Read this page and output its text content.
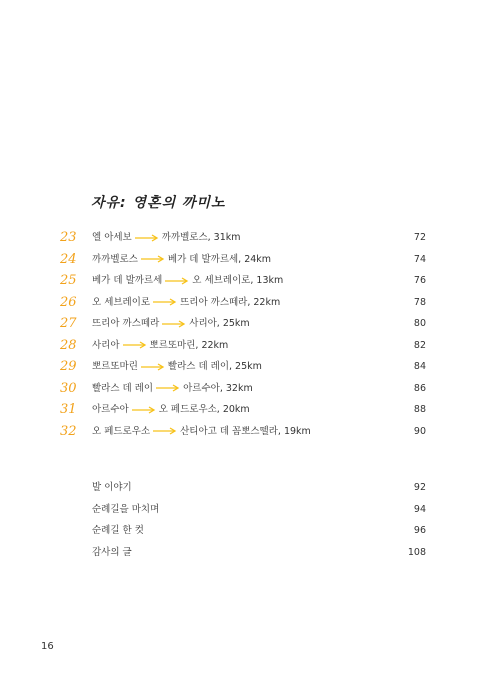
자유: 영혼의 까미노
23	엘 아세보	까까벨로스, 31km	72
24	까까벨로스	베가 데 발까르세, 24km	74
25	베가 데 발까르세	오 세브레이로, 13km	76
26	오 세브레이로	뜨리아 까스떼라, 22km	78
27	뜨리아 까스떼라	사리아, 25km	80
28	사리아	뽀르또마린, 22km	82
29	뽀르또마린	빨라스 데 레이, 25km	84
30	빨라스 데 레이	아르수아, 32km	86
31	아르수아	오 페드로우소, 20km	88
32	오 페드로우소	산티아고 데 꼼뽀스뗄라, 19km	90
발 이야기	92
순례길을 마치며	94
순례길 한 컷	96
감사의 글	108
16
